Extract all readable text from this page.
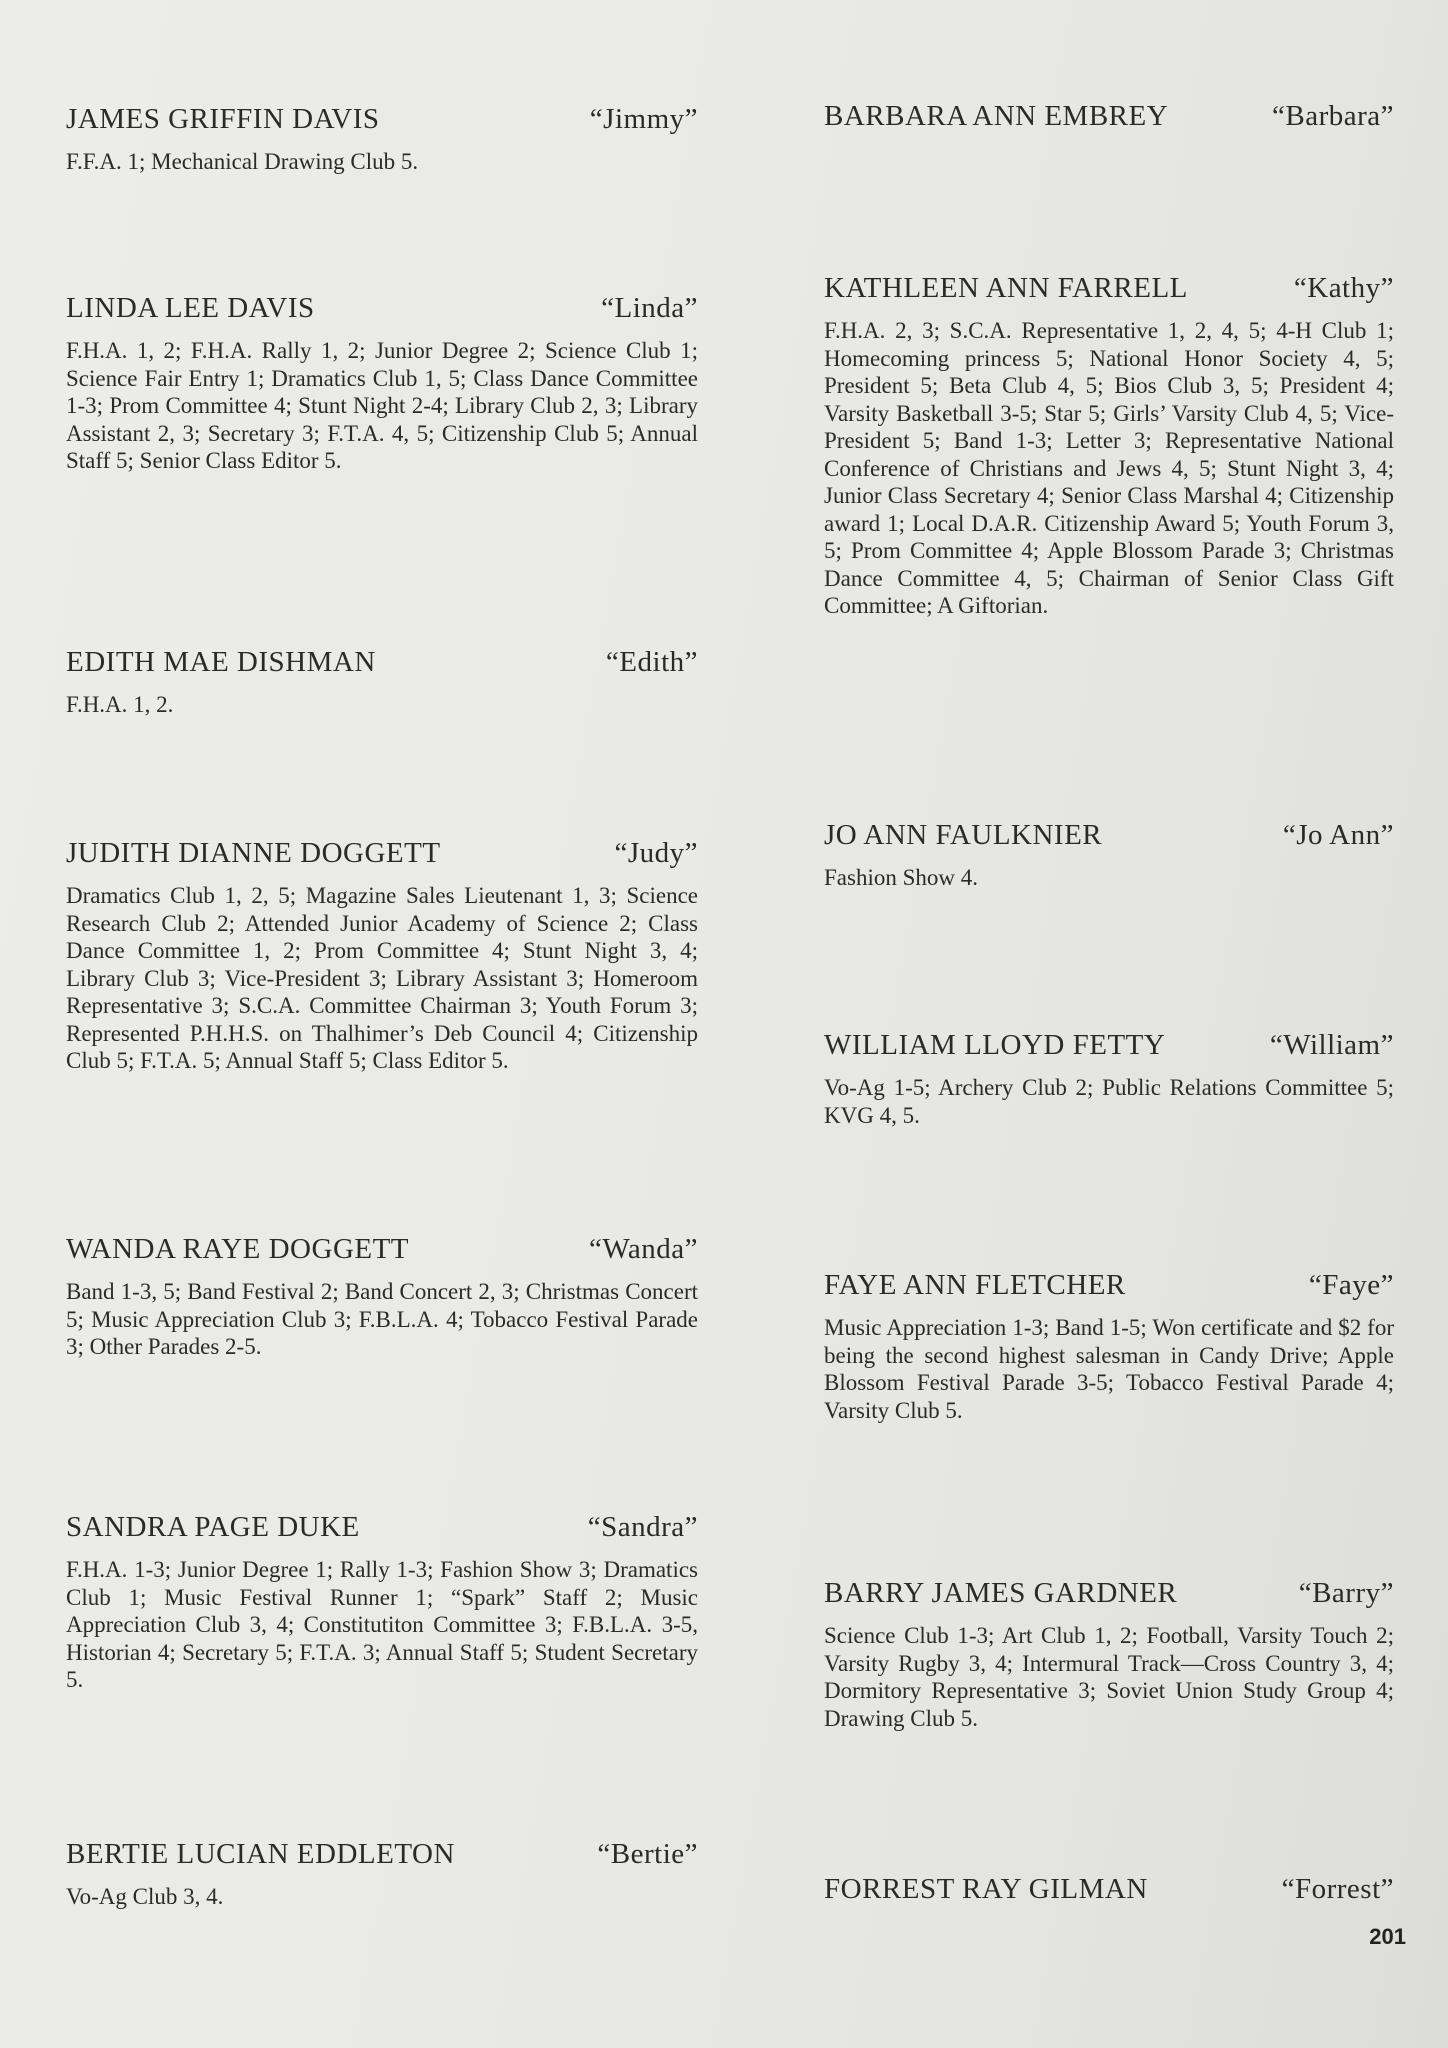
JAMES GRIFFIN DAVIS	“Jimmy”

F.F.A. 1; Mechanical Drawing Club 5.

LINDA LEE DAVIS	“Linda”

F.H.A. 1, 2; F.H.A. Rally 1, 2; Junior Degree 2; Science Club 1; Science Fair Entry 1; Dramatics Club 1, 5; Class Dance Committee 1-3; Prom Committee 4; Stunt Night 2-4; Library Club 2, 3; Library Assistant 2, 3; Secretary 3; F.T.A. 4, 5; Citizenship Club 5; Annual Staff 5; Senior Class Editor 5.

EDITH MAE DISHMAN	“Edith”

F.H.A. 1, 2.

JUDITH DIANNE DOGGETT	“Judy”

Dramatics Club 1, 2, 5; Magazine Sales Lieutenant 1, 3; Science Research Club 2; Attended Junior Academy of Science 2; Class Dance Committee 1, 2; Prom Committee 4; Stunt Night 3, 4; Library Club 3; Vice-President 3; Library Assistant 3; Homeroom Representative 3; S.C.A. Committee Chairman 3; Youth Forum 3; Represented P.H.H.S. on Thalhimer’s Deb Council 4; Citizenship Club 5; F.T.A. 5; Annual Staff 5; Class Editor 5.

WANDA RAYE DOGGETT	“Wanda”

Band 1-3, 5; Band Festival 2; Band Concert 2, 3; Christmas Concert 5; Music Appreciation Club 3; F.B.L.A. 4; Tobacco Festival Parade 3; Other Parades 2-5.

SANDRA PAGE DUKE	“Sandra”

F.H.A. 1-3; Junior Degree 1; Rally 1-3; Fashion Show 3; Dramatics Club 1; Music Festival Runner 1; “Spark” Staff 2; Music Appreciation Club 3, 4; Constitutiton Committee 3; F.B.L.A. 3-5, Historian 4; Secretary 5; F.T.A. 3; Annual Staff 5; Student Secretary 5.

BERTIE LUCIAN EDDLETON	“Bertie”

Vo-Ag Club 3, 4.

BARBARA ANN EMBREY	“Barbara”

KATHLEEN ANN FARRELL	“Kathy”

F.H.A. 2, 3; S.C.A. Representative 1, 2, 4, 5; 4-H Club 1; Homecoming princess 5; National Honor Society 4, 5; President 5; Beta Club 4, 5; Bios Club 3, 5; President 4; Varsity Basketball 3-5; Star 5; Girls’ Varsity Club 4, 5; Vice-President 5; Band 1-3; Letter 3; Representative National Conference of Christians and Jews 4, 5; Stunt Night 3, 4; Junior Class Secretary 4; Senior Class Marshal 4; Citizenship award 1; Local D.A.R. Citizenship Award 5; Youth Forum 3, 5; Prom Committee 4; Apple Blossom Parade 3; Christmas Dance Committee 4, 5; Chairman of Senior Class Gift Committee; A Giftorian.

JO ANN FAULKNIER	“Jo Ann”

Fashion Show 4.

WILLIAM LLOYD FETTY	“William”

Vo-Ag 1-5; Archery Club 2; Public Relations Committee 5; KVG 4, 5.

FAYE ANN FLETCHER	“Faye”

Music Appreciation 1-3; Band 1-5; Won certificate and $2 for being the second highest salesman in Candy Drive; Apple Blossom Festival Parade 3-5; Tobacco Festival Parade 4; Varsity Club 5.

BARRY JAMES GARDNER	“Barry”

Science Club 1-3; Art Club 1, 2; Football, Varsity Touch 2; Varsity Rugby 3, 4; Intermural Track—Cross Country 3, 4; Dormitory Representative 3; Soviet Union Study Group 4; Drawing Club 5.

FORREST RAY GILMAN	“Forrest”

201
